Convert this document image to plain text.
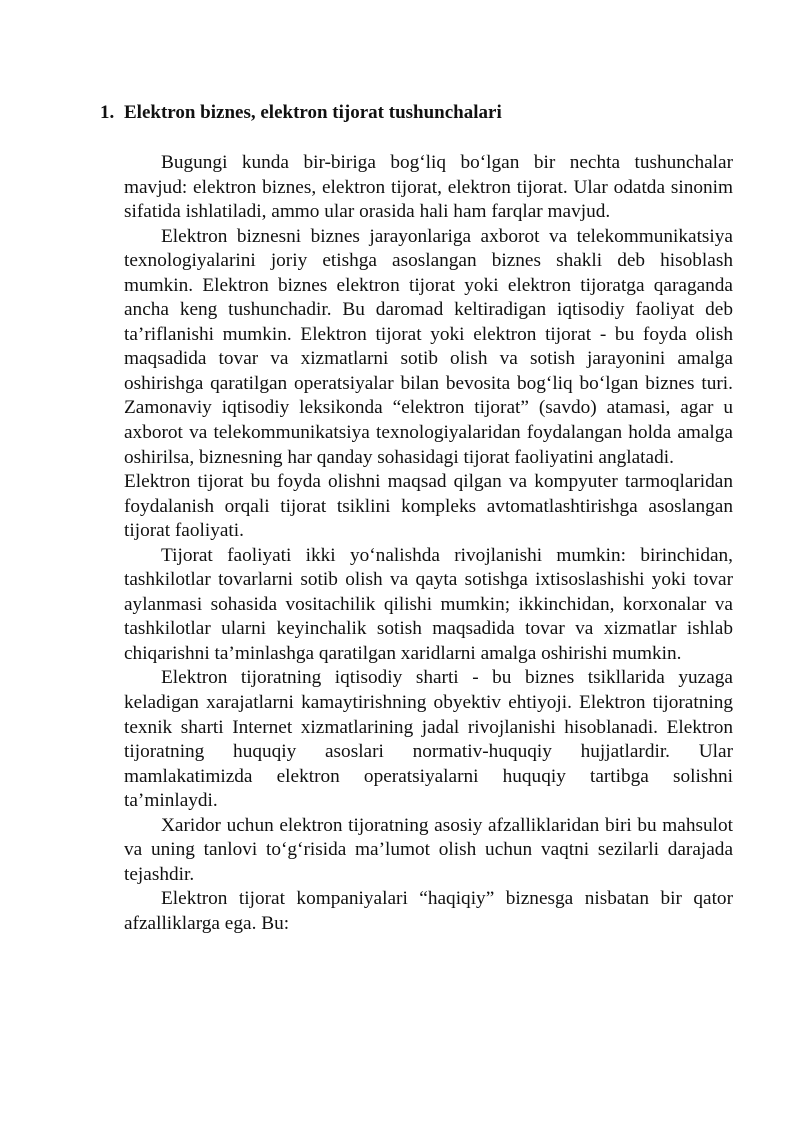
1. Elektron biznes, elektron tijorat tushunchalari

Bugungi kunda bir-biriga bog‘liq bo‘lgan bir nechta tushunchalar mavjud: elektron biznes, elektron tijorat, elektron tijorat. Ular odatda sinonim sifatida ishlatiladi, ammo ular orasida hali ham farqlar mavjud.

Elektron biznesni biznes jarayonlariga axborot va telekommunikatsiya texnologiyalarini joriy etishga asoslangan biznes shakli deb hisoblash mumkin. Elektron biznes elektron tijorat yoki elektron tijoratga qaraganda ancha keng tushunchadir. Bu daromad keltiradigan iqtisodiy faoliyat deb ta’riflanishi mumkin. Elektron tijorat yoki elektron tijorat - bu foyda olish maqsadida tovar va xizmatlarni sotib olish va sotish jarayonini amalga oshirishga qaratilgan operatsiyalar bilan bevosita bog‘liq bo‘lgan biznes turi. Zamonaviy iqtisodiy leksikonda “elektron tijorat” (savdo) atamasi, agar u axborot va telekommunikatsiya texnologiyalaridan foydalangan holda amalga oshirilsa, biznesning har qanday sohasidagi tijorat faoliyatini anglatadi.

Elektron tijorat bu foyda olishni maqsad qilgan va kompyuter tarmoqlaridan foydalanish orqali tijorat tsiklini kompleks avtomatlashtirishga asoslangan tijorat faoliyati.

Tijorat faoliyati ikki yo‘nalishda rivojlanishi mumkin: birinchidan, tashkilotlar tovarlarni sotib olish va qayta sotishga ixtisoslashishi yoki tovar aylanmasi sohasida vositachilik qilishi mumkin; ikkinchidan, korxonalar va tashkilotlar ularni keyinchalik sotish maqsadida tovar va xizmatlar ishlab chiqarishni ta’minlashga qaratilgan xaridlarni amalga oshirishi mumkin.

Elektron tijoratning iqtisodiy sharti - bu biznes tsikllarida yuzaga keladigan xarajatlarni kamaytirishning obyektiv ehtiyoji. Elektron tijoratning texnik sharti Internet xizmatlarining jadal rivojlanishi hisoblanadi. Elektron tijoratning huquqiy asoslari normativ-huquqiy hujjatlardir. Ular mamlakatimizda elektron operatsiyalarni huquqiy tartibga solishni ta’minlaydi.

Xaridor uchun elektron tijoratning asosiy afzalliklaridan biri bu mahsulot va uning tanlovi to‘g‘risida ma’lumot olish uchun vaqtni sezilarli darajada tejashdir.

Elektron tijorat kompaniyalari “haqiqiy” biznesga nisbatan bir qator afzalliklarga ega. Bu:
